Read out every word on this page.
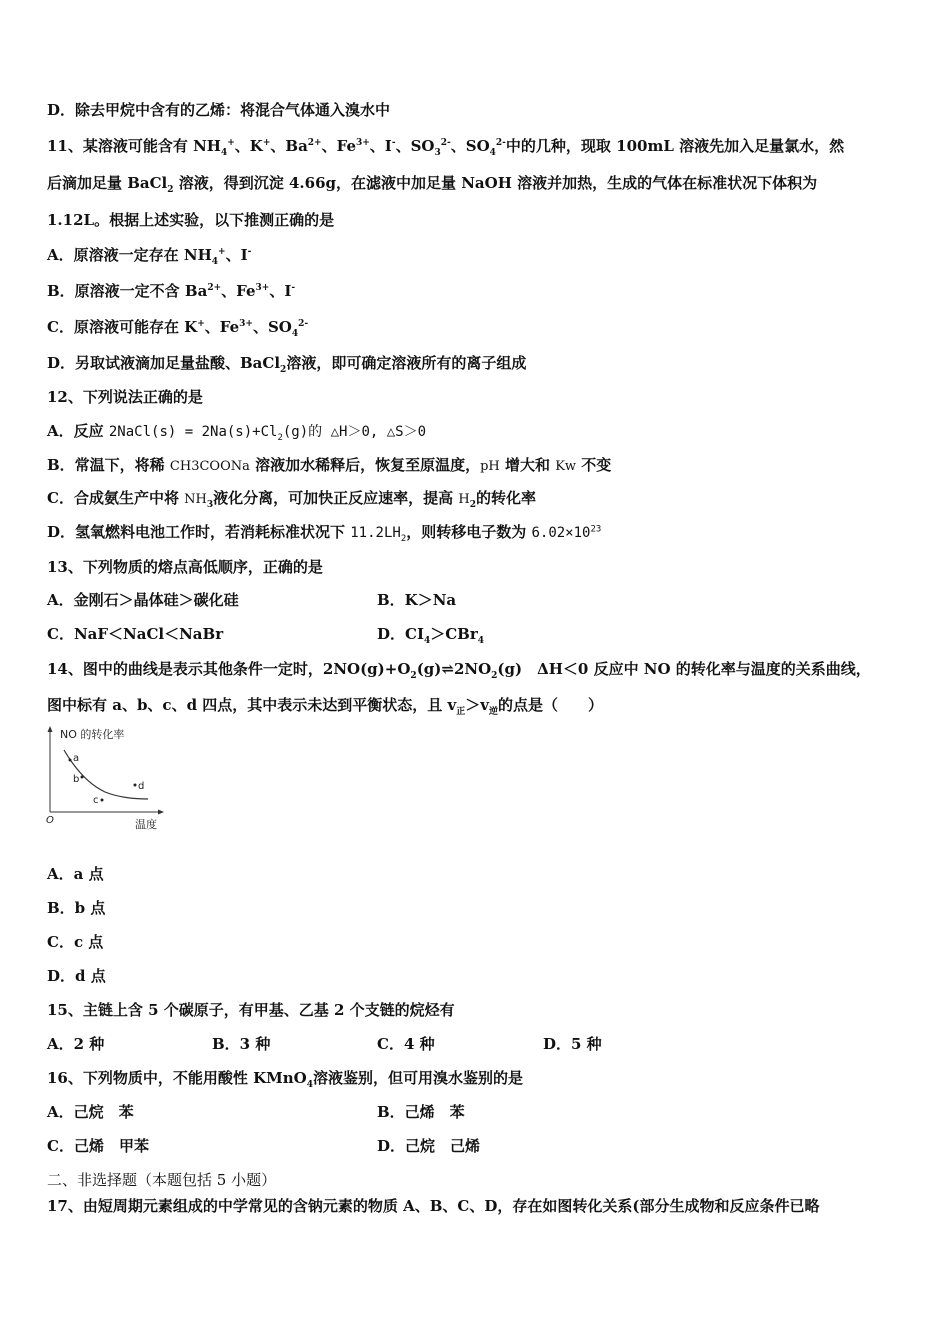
D．除去甲烷中含有的乙烯：将混合气体通入溴水中
11、某溶液可能含有 $NH_4^+$、K+、$Ba^{2+}$、$Fe^{3+}$、I-、$SO_3^{2-}$、$SO_4^{2-}$中的几种，现取 100mL 溶液先加入足量氯水，然
后滴加足量 BaCl$_2$ 溶液，得到沉淀 4.66g，在滤液中加足量 NaOH 溶液并加热，生成的气体在标准状况下体积为
1.12L。根据上述实验，以下推测正确的是
A．原溶液一定存在 $NH_4^+$、I-
B．原溶液一定不含 $Ba^{2+}$、$Fe^{3+}$、I-
C．原溶液可能存在 K+、$Fe^{3+}$、$SO_4^{2-}$
D．另取试液滴加足量盐酸、BaCl$_2$溶液，即可确定溶液所有的离子组成
12、下列说法正确的是
A．反应 2NaCl(s) = $2Na(s)+Cl_2(g)$的 △H＞0, △S＞0
B．常温下，将稀 CH3COONa 溶液加水稀释后，恢复至原温度，pH 增大和 Kw 不变
C．合成氨生产中将 $NH_3$液化分离，可加快正反应速率，提高 $H_2$的转化率
D．氢氧燃料电池工作时，若消耗标准状况下 $11.2LH_2$，则转移电子数为 $6.02\times 10^{23}$
13、下列物质的熔点高低顺序，正确的是
A．金刚石＞晶体硅＞碳化硅	B．K＞Na
C．NaF＜NaCl＜NaBr	D．$CI_4>CBr_4$
14、图中的曲线是表示其他条件一定时，$2NO(g)+O_2(g)\rightleftharpoons 2NO_2(g)$　ΔH＜0 反应中 NO 的转化率与温度的关系曲线，
图中标有 a、b、c、d 四点，其中表示未达到平衡状态，且 $v_正>v_逆$的点是（　　）
NO 的转化率
温度
O
a
b
c
d
A．a 点
B．b 点
C．c 点
D．d 点
15、主链上含 5 个碳原子，有甲基、乙基 2 个支链的烷烃有
A．2 种	B．3 种	C．4 种	D．5 种
16、下列物质中，不能用酸性 KMnO$_4$溶液鉴别，但可用溴水鉴别的是
A．己烷　苯	B．己烯　苯
C．己烯　甲苯	D．己烷　己烯
二、非选择题（本题包括 5 小题）
17、由短周期元素组成的中学常见的含钠元素的物质 A、B、C、D，存在如图转化关系(部分生成物和反应条件已略
